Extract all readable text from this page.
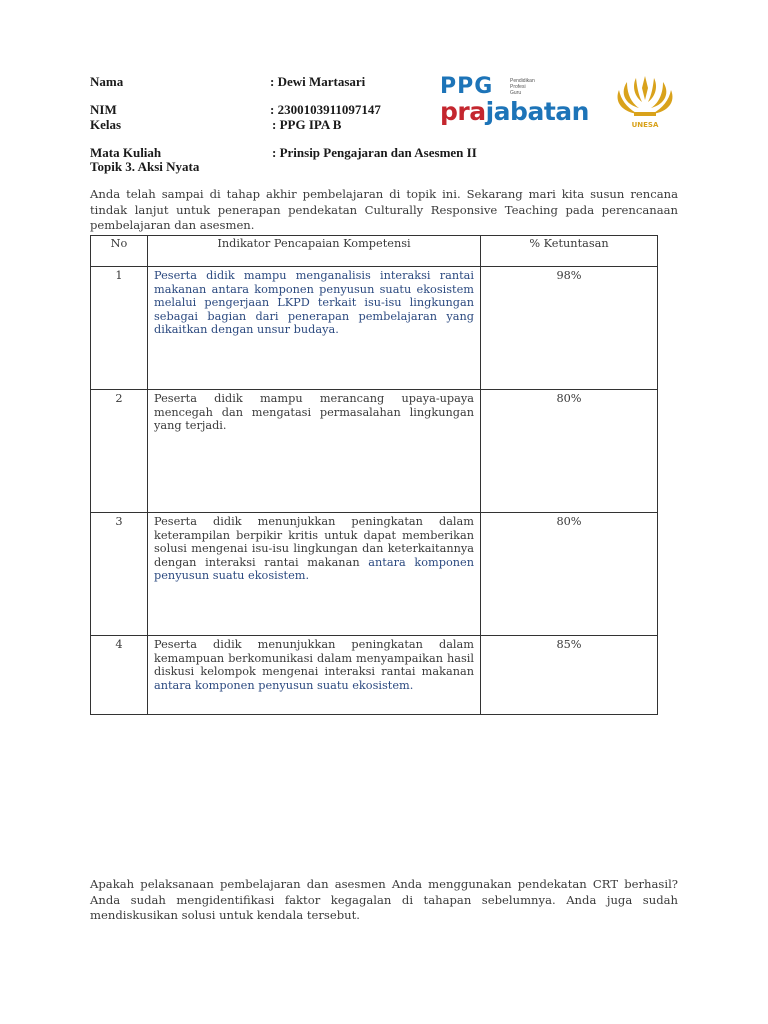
Nama	: Dewi Martasari
NIM	: 2300103911097147
Kelas	: PPG IPA B
Mata Kuliah	: Prinsip Pengajaran dan Asesmen II
Topik 3. Aksi Nyata
PPG	Pendidikan
Profesi
Guru
prajabatan	UNESA
Anda telah sampai di tahap akhir pembelajaran di topik ini. Sekarang mari kita susun rencana tindak lanjut untuk penerapan pendekatan Culturally Responsive Teaching pada perencanaan pembelajaran dan asesmen.
No	Indikator Pencapaian Kompetensi	% Ketuntasan
1	Peserta didik mampu menganalisis interaksi rantai makanan antara komponen penyusun suatu ekosistem melalui pengerjaan LKPD terkait isu-isu lingkungan sebagai bagian dari penerapan pembelajaran yang dikaitkan dengan unsur budaya.	98%
2	Peserta didik mampu merancang upaya-upaya mencegah dan mengatasi permasalahan lingkungan yang terjadi.	80%
3	Peserta didik menunjukkan peningkatan dalam keterampilan berpikir kritis untuk dapat memberikan solusi mengenai isu-isu lingkungan dan keterkaitannya dengan interaksi rantai makanan antara komponen penyusun suatu ekosistem.	80%
4	Peserta didik menunjukkan peningkatan dalam kemampuan berkomunikasi dalam menyampaikan hasil diskusi kelompok mengenai interaksi rantai makanan antara komponen penyusun suatu ekosistem.	85%
Apakah pelaksanaan pembelajaran dan asesmen Anda menggunakan pendekatan CRT berhasil? Anda sudah mengidentifikasi faktor kegagalan di tahapan sebelumnya. Anda juga sudah mendiskusikan solusi untuk kendala tersebut.
